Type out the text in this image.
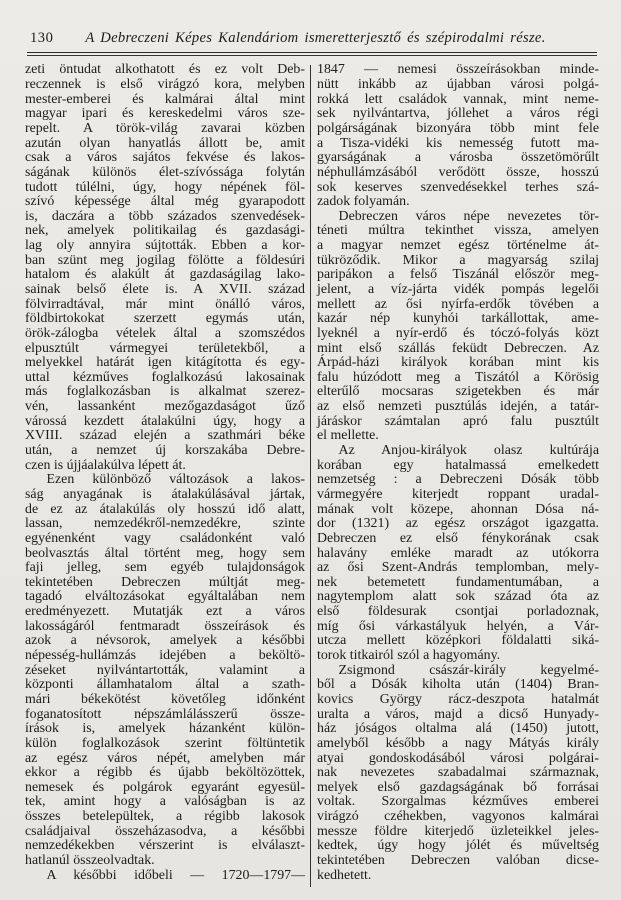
130	A Debreczeni Képes Kalendáriom ismeretterjesztő és szépirodalmi része.
zeti öntudat alkothatott és ez volt Deb-
reczennek is első virágzó kora, melyben
mester-emberei és kalmárai által mint
magyar ipari és kereskedelmi város sze-
repelt. A török-világ zavarai közben
azután olyan hanyatlás állott be, amit
csak a város sajátos fekvése és lakos-
ságának különös élet-szívóssága folytán
tudott túlélni, úgy, hogy népének föl-
szívó képessége által még gyarapodott
is, daczára a több százados szenvedések-
nek, amelyek politikailag és gazdasági-
lag oly annyira sújtották. Ebben a kor-
ban szünt meg jogilag fölötte a földesúri
hatalom és alakúlt át gazdaságilag lako-
sainak belső élete is. A XVII. század
fölvirradtával, már mint önálló város,
földbirtokokat szerzett egymás után,
örök-zálogba vételek által a szomszédos
elpusztúlt vármegyei területekből, a
melyekkel határát igen kitágította és egy-
uttal kézműves foglalkozású lakosainak
más foglalkozásban is alkalmat szerez-
vén, lassanként mezőgazdaságot űző
várossá kezdett átalakúlni úgy, hogy a
XVIII. század elején a szathmári béke
után, a nemzet új korszakába Debre-
czen is újjáalakúlva lépett át.
Ezen különböző változások a lakos-
ság anyagának is átalakúlásával jártak,
de ez az átalakúlás oly hosszú idő alatt,
lassan, nemzedékről-nemzedékre, szinte
egyénenként vagy családonként való
beolvasztás által történt meg, hogy sem
faji jelleg, sem egyéb tulajdonságok
tekintetében Debreczen múltját meg-
tagadó elváltozásokat egyáltalában nem
eredményezett. Mutatják ezt a város
lakosságáról fentmaradt összeírások és
azok a névsorok, amelyek a későbbi
népesség-hullámzás idejében a beköltö-
zéseket nyilvántartották, valamint a
központi államhatalom által a szath-
mári békekötést követőleg időnként
foganatosított népszámlálásszerű össze-
írások is, amelyek házanként külön-
külön foglalkozások szerint föltüntetik
az egész város népét, amelyben már
ekkor a régibb és újabb beköltözöttek,
nemesek és polgárok egyaránt egyesül-
tek, amint hogy a valóságban is az
összes betelepültek, a régibb lakosok
családjaival összeházasodva, a későbbi
nemzedékekben vérszerint is elválaszt-
hatlanúl összeolvadtak.
A későbbi időbeli — 1720—1797—
1847 — nemesi összeírásokban minde-
nütt inkább az újabban városi polgá-
rokká lett családok vannak, mint neme-
sek nyilvántartva, jóllehet a város régi
polgárságának bizonyára több mint fele
a Tisza-vidéki kis nemesség futott ma-
gyarságának a városba összetömörűlt
néphullámzásából verődött össze, hosszú
sok keserves szenvedésekkel terhes szá-
zadok folyamán.
Debreczen város népe nevezetes tör-
téneti múltra tekinthet vissza, amelyen
a magyar nemzet egész történelme át-
tükröződik. Mikor a magyarság szilaj
paripákon a felső Tiszánál először meg-
jelent, a víz-járta vidék pompás legelői
mellett az ősi nyírfa-erdők tövében a
kazár nép kunyhói tarkállottak, ame-
lyeknél a nyír-erdő és tóczó-folyás közt
mint első szállás feküdt Debreczen. Az
Árpád-házi királyok korában mint kis
falu húzódott meg a Tiszától a Körösig
elterűlő mocsaras szigetekben és már
az első nemzeti pusztúlás idején, a tatár-
járáskor számtalan apró falu pusztúlt
el mellette.
Az Anjou-királyok olasz kultúrája
korában egy hatalmassá emelkedett
nemzetség : a Debreczeni Dósák több
vármegyére kiterjedt roppant uradal-
mának volt közepe, ahonnan Dósa ná-
dor (1321) az egész országot igazgatta.
Debreczen ez első fénykorának csak
halavány emléke maradt az utókorra
az ősi Szent-András templomban, mely-
nek betemetett fundamentumában, a
nagytemplom alatt sok század óta az
első földesurak csontjai porladoznak,
míg ősi várkastályuk helyén, a Vár-
utcza mellett középkori földalatti siká-
torok titkairól szól a hagyomány.
Zsigmond császár-király kegyelmé-
ből a Dósák kiholta után (1404) Bran-
kovics György rácz-deszpota hatalmát
uralta a város, majd a dicső Hunyady-
ház jóságos oltalma alá (1450) jutott,
amelyből később a nagy Mátyás király
atyai gondoskodásából városi polgárai-
nak nevezetes szabadalmai származnak,
melyek első gazdagságának bő forrásai
voltak. Szorgalmas kézműves emberei
virágzó czéhekben, vagyonos kalmárai
messze földre kiterjedő üzleteikkel jeles-
kedtek, úgy hogy jólét és műveltség
tekintetében Debreczen valóban dicse-
kedhetett.
